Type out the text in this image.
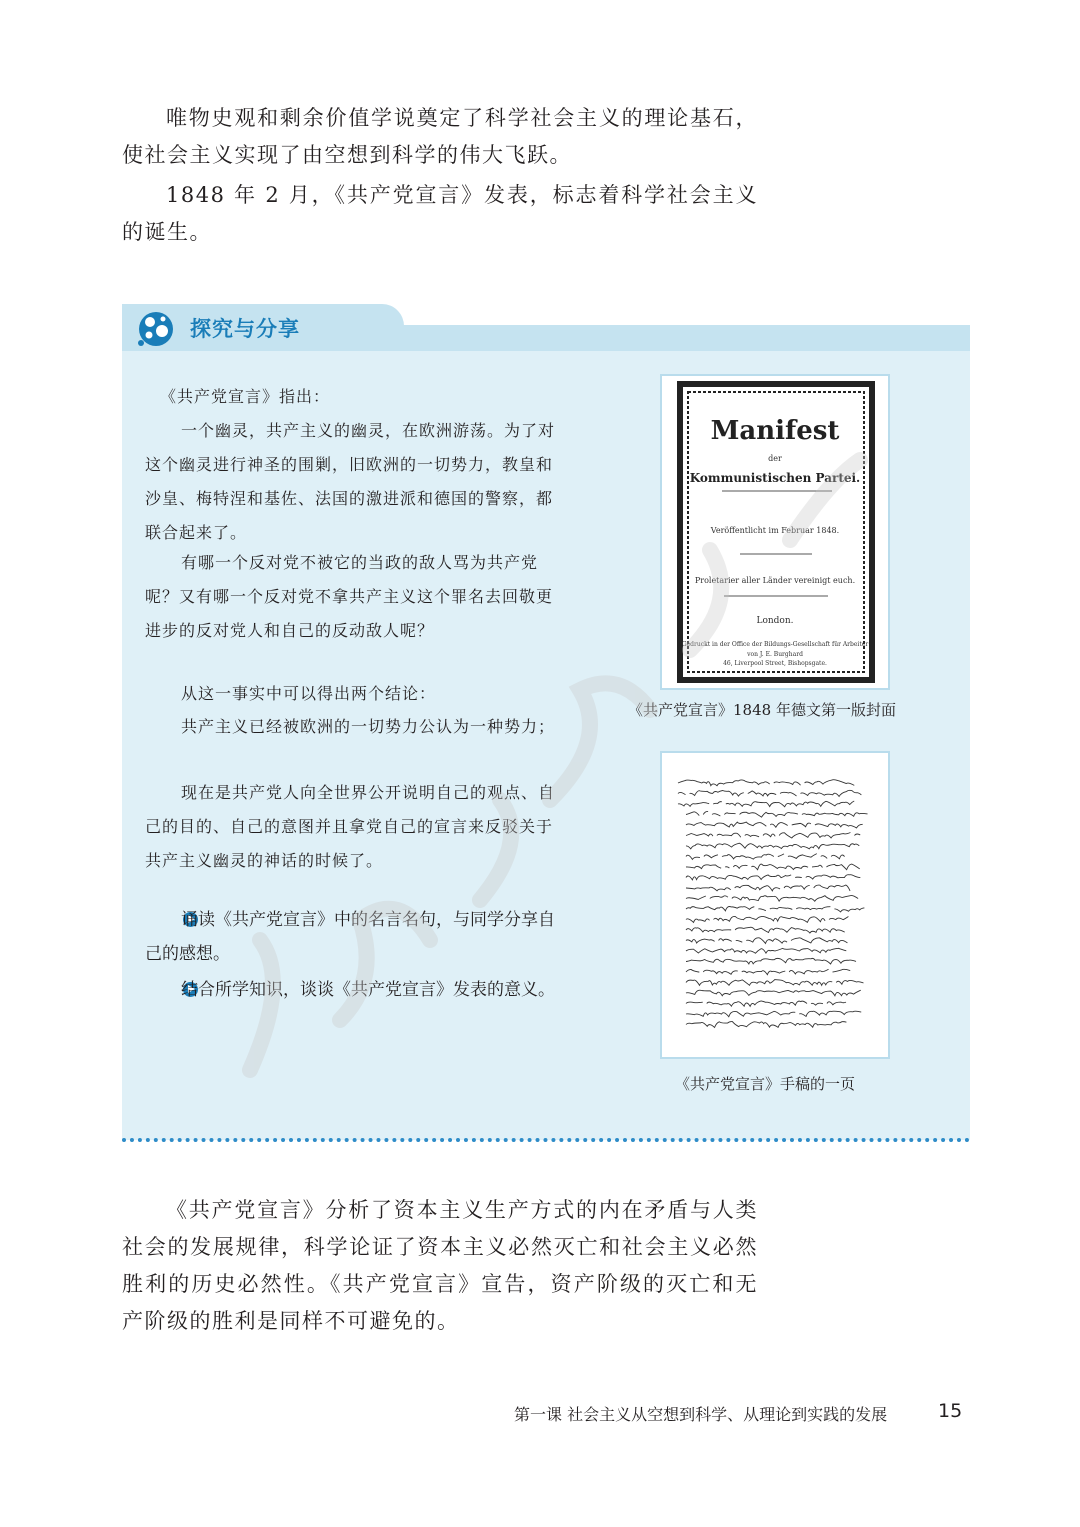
唯物史观和剩余价值学说奠定了科学社会主义的理论基石，使社会主义实现了由空想到科学的伟大飞跃。

1848 年 2 月，《共产党宣言》发表，标志着科学社会主义的诞生。

探究与分享

《共产党宣言》指出：

一个幽灵，共产主义的幽灵，在欧洲游荡。为了对这个幽灵进行神圣的围剿，旧欧洲的一切势力，教皇和沙皇、梅特涅和基佐、法国的激进派和德国的警察，都联合起来了。

有哪一个反对党不被它的当政的敌人骂为共产党呢？又有哪一个反对党不拿共产主义这个罪名去回敬更进步的反对党人和自己的反动敌人呢？

从这一事实中可以得出两个结论：

共产主义已经被欧洲的一切势力公认为一种势力；

现在是共产党人向全世界公开说明自己的观点、自己的目的、自己的意图并且拿党自己的宣言来反驳关于共产主义幽灵的神话的时候了。

诵读《共产党宣言》中的名言名句，与同学分享自己的感想。

结合所学知识，谈谈《共产党宣言》发表的意义。

Gedruckt in der Office der Bildungs-Gesellschaft für Arbeiter
von J. E. Burghard
46, Liverpool Street, Bishopsgate.
Manifest
der
Kommunistischen Partei.
Veröffentlicht im Februar 1848.
Proletarier aller Länder vereinigt euch.
London.
《共产党宣言》1848 年德文第一版封面
《共产党宣言》手稿的一页

《共产党宣言》分析了资本主义生产方式的内在矛盾与人类社会的发展规律，科学论证了资本主义必然灭亡和社会主义必然胜利的历史必然性。《共产党宣言》宣告，资产阶级的灭亡和无产阶级的胜利是同样不可避免的。

第一课 社会主义从空想到科学、从理论到实践的发展	15
